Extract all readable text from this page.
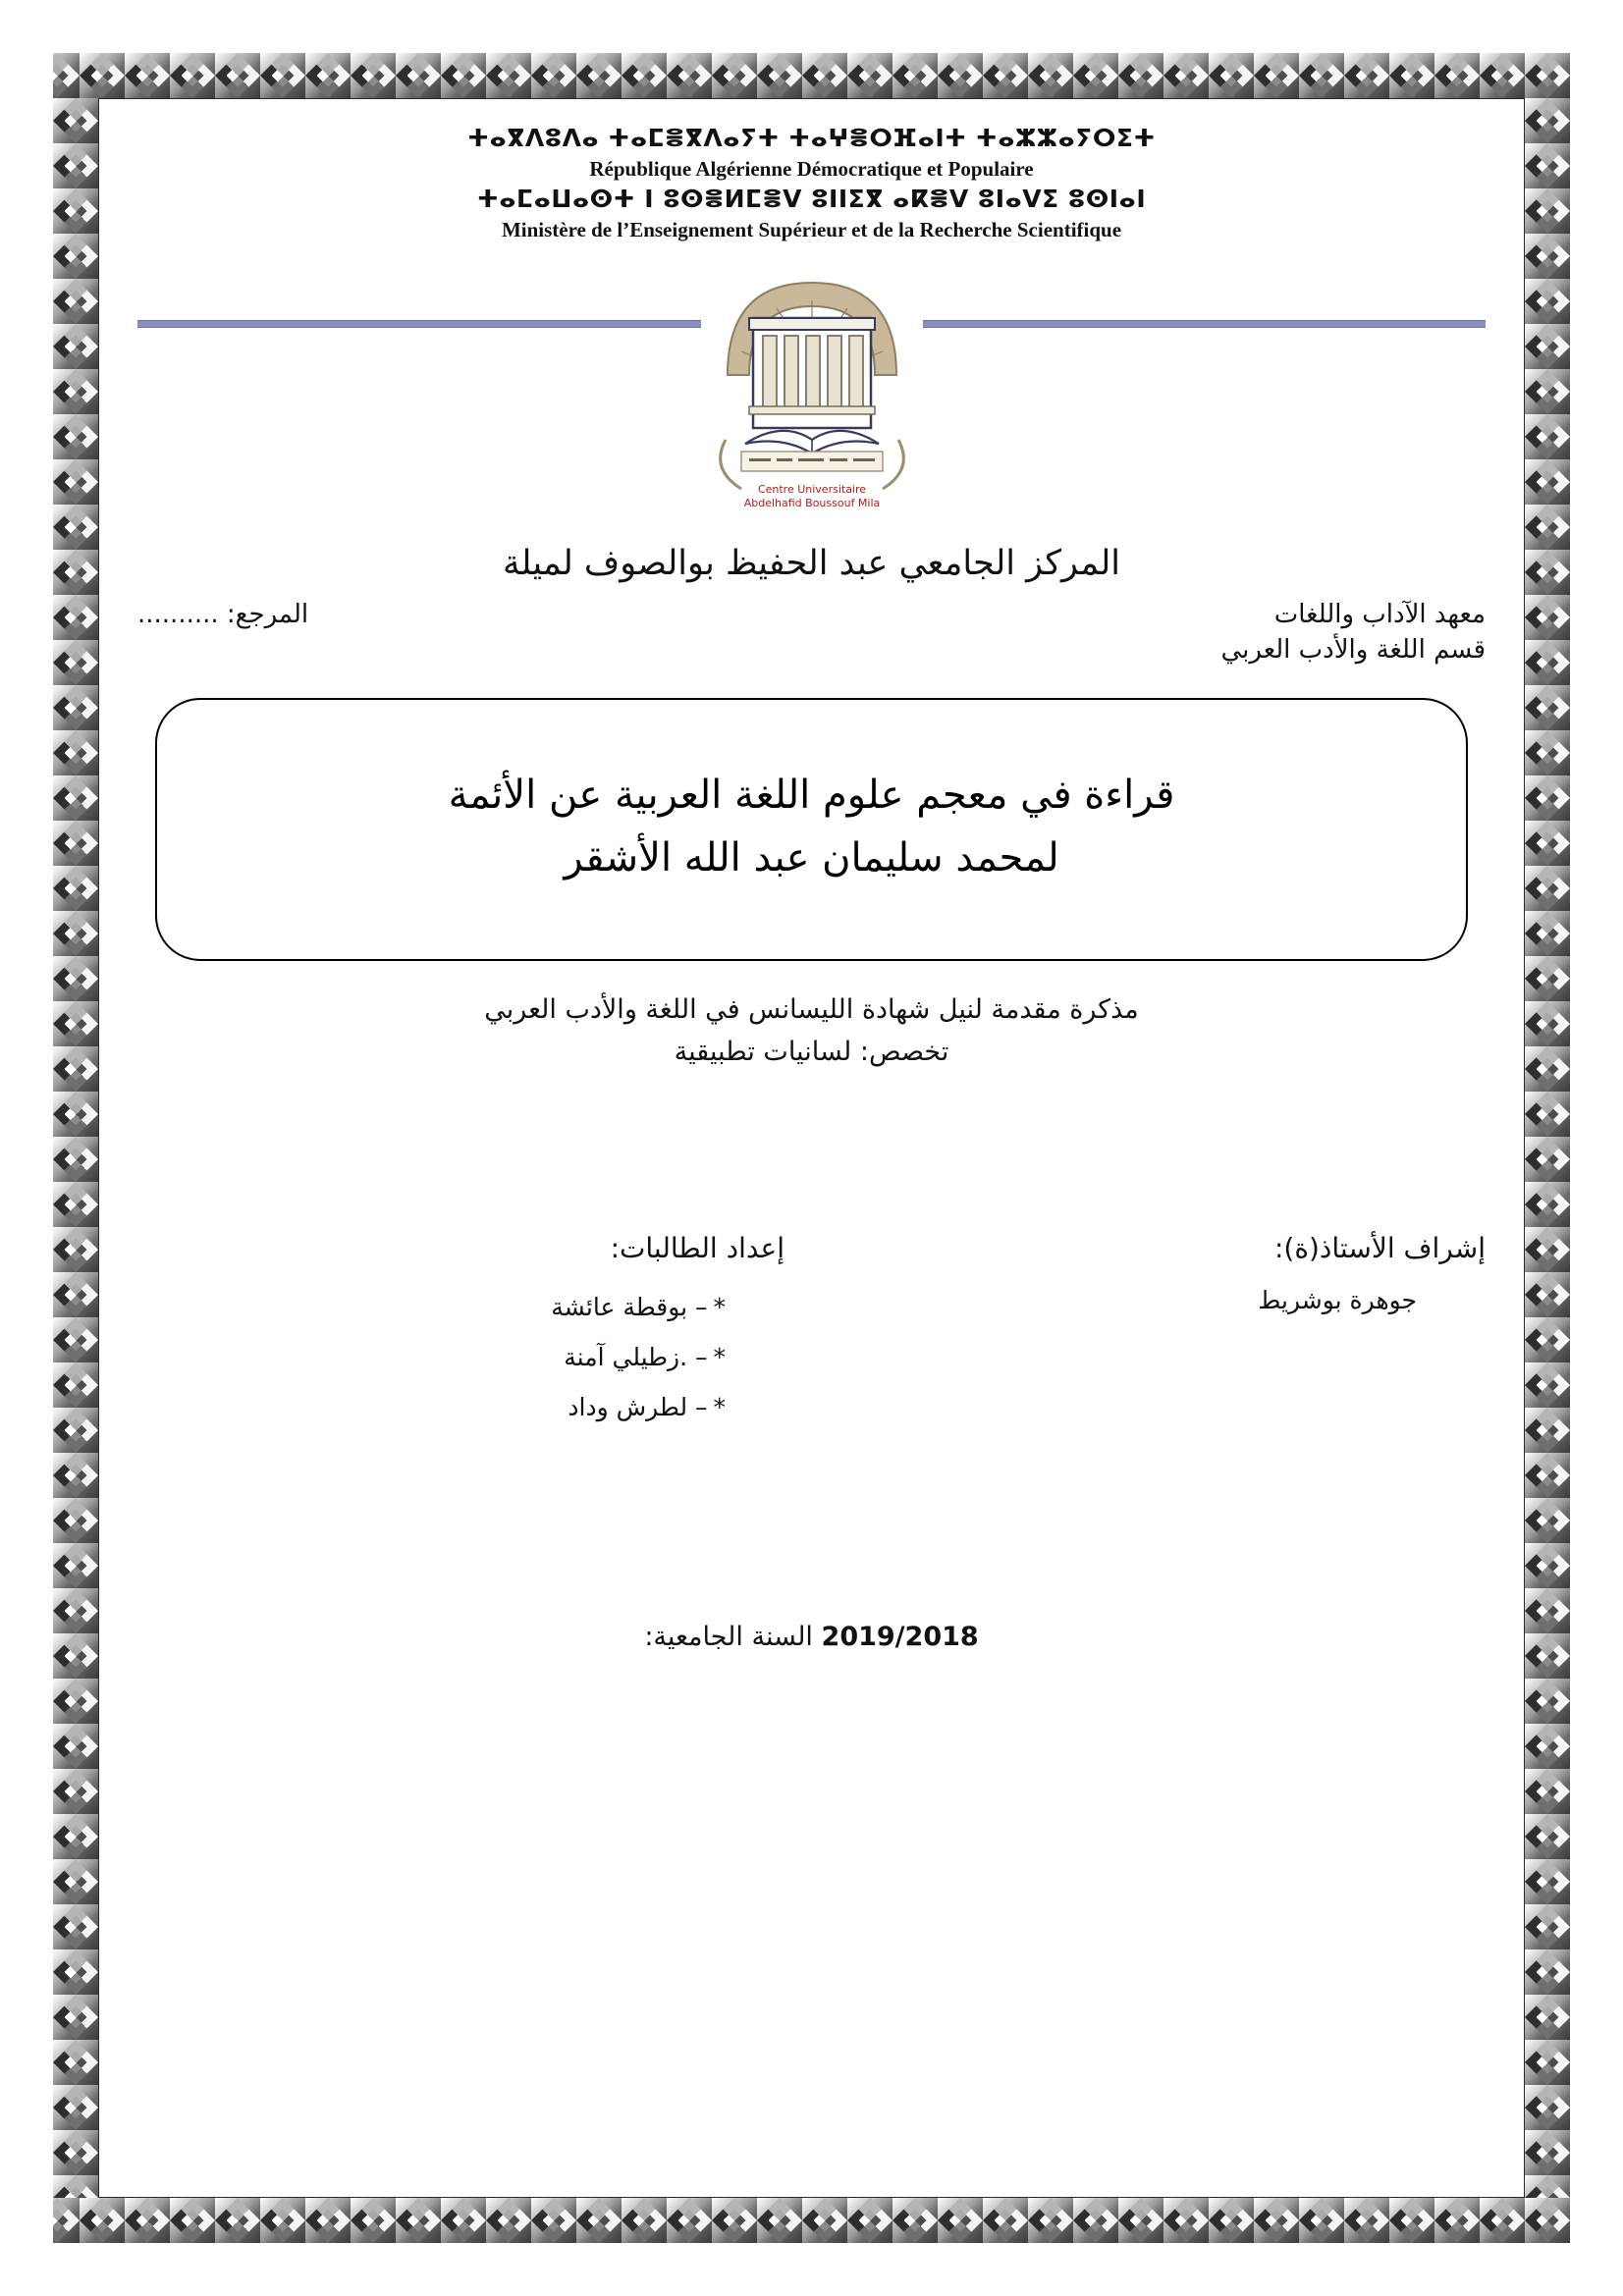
ⵜⴰⴳⴷⵓⴷⴰ ⵜⴰⵎⴻⴳⴷⴰⵢⵜ ⵜⴰⵖⴻⵔⴼⴰⵏⵜ ⵜⴰⵣⵣⴰⵢⵔⵉⵜ
République Algérienne Démocratique et Populaire
ⵜⴰⵎⴰⵡⴰⵙⵜ ⵏ ⵓⵙⴻⵍⵎⴻⴸ ⵓⵏⵏⵉⴳ ⴰⴽⴻⴸ ⵓⵏⴰⴸⵉ ⵓⵙⵏⴰⵏ
Ministère de l’Enseignement Supérieur et de la Recherche Scientifique
Centre Universitaire
Abdelhafid Boussouf Mila
المركز الجامعي عبد الحفيظ بوالصوف لميلة
معهد الآداب واللغات
المرجع: ..........
قسم اللغة والأدب العربي
قراءة في معجم علوم اللغة العربية عن الأئمة
لمحمد سليمان عبد الله الأشقر
مذكرة مقدمة لنيل شهادة الليسانس في اللغة والأدب العربي
تخصص: لسانيات تطبيقية
إشراف الأستاذ(ة):
جوهرة بوشريط
إعداد الطالبات:
*– بوقطة عائشة
*– .زطيلي آمنة
*– لطرش وداد
2019/2018 السنة الجامعية:
